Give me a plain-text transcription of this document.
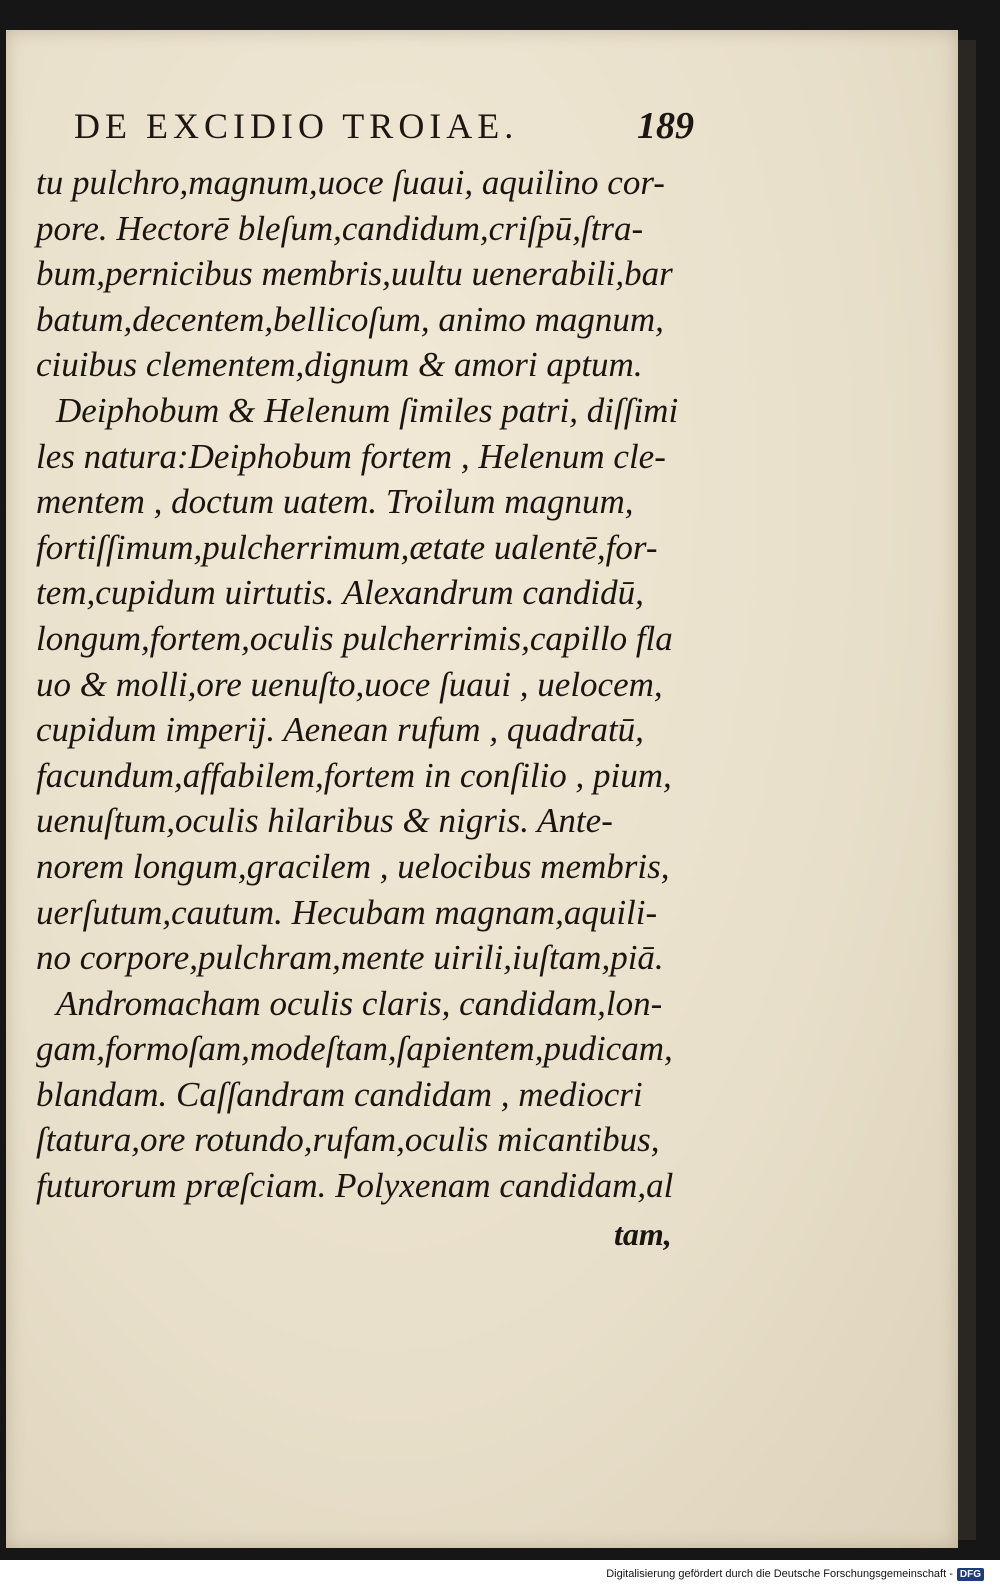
DE EXCIDIO TROIAE.	189
tu pulchro,magnum,uoce ſuaui, aquilino cor-
pore. Hectorē bleſum,candidum,criſpū,ſtra-
bum,pernicibus membris,uultu uenerabili,bar
batum,decentem,bellicoſum, animo magnum,
ciuibus clementem,dignum & amori aptum.
Deiphobum & Helenum ſimiles patri, diſſimi
les natura:Deiphobum fortem , Helenum cle-
mentem , doctum uatem. Troilum magnum,
fortiſſimum,pulcherrimum,ætate ualentē,for-
tem,cupidum uirtutis. Alexandrum candidū,
longum,fortem,oculis pulcherrimis,capillo fla
uo & molli,ore uenuſto,uoce ſuaui , uelocem,
cupidum imperij. Aenean rufum , quadratū,
facundum,affabilem,fortem in conſilio , pium,
uenuſtum,oculis hilaribus & nigris. Ante-
norem longum,gracilem , uelocibus membris,
uerſutum,cautum. Hecubam magnam,aquili-
no corpore,pulchram,mente uirili,iuſtam,piā.
Andromacham oculis claris, candidam,lon-
gam,formoſam,modeſtam,ſapientem,pudicam,
blandam. Caſſandram candidam , mediocri
ſtatura,ore rotundo,rufam,oculis micantibus,
futurorum præſciam. Polyxenam candidam,al
tam,
Digitalisierung gefördert durch die Deutsche Forschungsgemeinschaft - DFG
